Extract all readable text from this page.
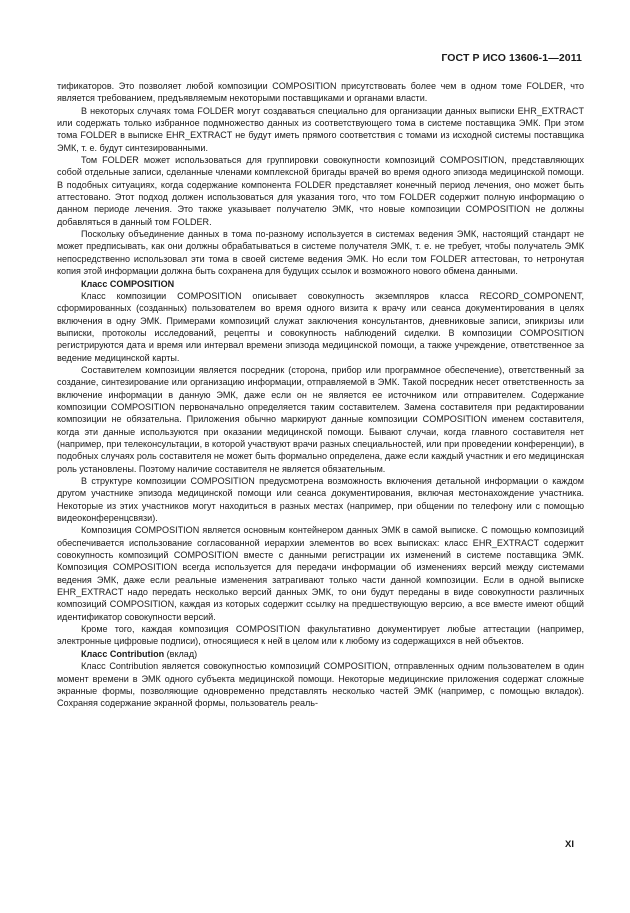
ГОСТ Р ИСО 13606-1—2011

тификаторов. Это позволяет любой композиции COMPOSITION присутствовать более чем в одном томе FOLDER, что является требованием, предъявляемым некоторыми поставщиками и органами власти.

В некоторых случаях тома FOLDER могут создаваться специально для организации данных выписки EHR_EXTRACT или содержать только избранное подмножество данных из соответствующего тома в системе поставщика ЭМК. При этом тома FOLDER в выписке EHR_EXTRACT не будут иметь прямого соответствия с томами из исходной системы поставщика ЭМК, т. е. будут синтезированными.

Том FOLDER может использоваться для группировки совокупности композиций COMPOSITION, представляющих собой отдельные записи, сделанные членами комплексной бригады врачей во время одного эпизода медицинской помощи. В подобных ситуациях, когда содержание компонента FOLDER представляет конечный период лечения, оно может быть аттестовано. Этот подход должен использоваться для указания того, что том FOLDER содержит полную информацию о данном периоде лечения. Это также указывает получателю ЭМК, что новые композиции COMPOSITION не должны добавляться в данный том FOLDER.

Поскольку объединение данных в тома по-разному используется в системах ведения ЭМК, настоящий стандарт не может предписывать, как они должны обрабатываться в системе получателя ЭМК, т. е. не требует, чтобы получатель ЭМК непосредственно использовал эти тома в своей системе ведения ЭМК. Но если том FOLDER аттестован, то нетронутая копия этой информации должна быть сохранена для будущих ссылок и возможного нового обмена данными.

Класс COMPOSITION

Класс композиции COMPOSITION описывает совокупность экземпляров класса RECORD_COMPONENT, сформированных (созданных) пользователем во время одного визита к врачу или сеанса документирования в целях включения в одну ЭМК. Примерами композиций служат заключения консультантов, дневниковые записи, эпикризы или выписки, протоколы исследований, рецепты и совокупность наблюдений сиделки. В композиции COMPOSITION регистрируются дата и время или интервал времени эпизода медицинской помощи, а также учреждение, ответственное за ведение медицинской карты.

Составителем композиции является посредник (сторона, прибор или программное обеспечение), ответственный за создание, синтезирование или организацию информации, отправляемой в ЭМК. Такой посредник несет ответственность за включение информации в данную ЭМК, даже если он не является ее источником или отправителем. Содержание композиции COMPOSITION первоначально определяется таким составителем. Замена составителя при редактировании композиции не обязательна. Приложения обычно маркируют данные композиции COMPOSITION именем составителя, когда эти данные используются при оказании медицинской помощи. Бывают случаи, когда главного составителя нет (например, при телеконсультации, в которой участвуют врачи разных специальностей, или при проведении конференции), в подобных случаях роль составителя не может быть формально определена, даже если каждый участник и его медицинская роль установлены. Поэтому наличие составителя не является обязательным.

В структуре композиции COMPOSITION предусмотрена возможность включения детальной информации о каждом другом участнике эпизода медицинской помощи или сеанса документирования, включая местонахождение участника. Некоторые из этих участников могут находиться в разных местах (например, при общении по телефону или с помощью видеоконференцсвязи).

Композиция COMPOSITION является основным контейнером данных ЭМК в самой выписке. С помощью композиций обеспечивается использование согласованной иерархии элементов во всех выписках: класс EHR_EXTRACT содержит совокупность композиций COMPOSITION вместе с данными регистрации их изменений в системе поставщика ЭМК. Композиция COMPOSITION всегда используется для передачи информации об изменениях версий между системами ведения ЭМК, даже если реальные изменения затрагивают только части данной композиции. Если в одной выписке EHR_EXTRACT надо передать несколько версий данных ЭМК, то они будут переданы в виде совокупности различных композиций COMPOSITION, каждая из которых содержит ссылку на предшествующую версию, а все вместе имеют общий идентификатор совокупности версий.

Кроме того, каждая композиция COMPOSITION факультативно документирует любые аттестации (например, электронные цифровые подписи), относящиеся к ней в целом или к любому из содержащихся в ней объектов.

Класс Contribution (вклад)

Класс Contribution является совокупностью композиций COMPOSITION, отправленных одним пользователем в один момент времени в ЭМК одного субъекта медицинской помощи. Некоторые медицинские приложения содержат сложные экранные формы, позволяющие одновременно представлять несколько частей ЭМК (например, с помощью вкладок). Сохраняя содержание экранной формы, пользователь реаль-

XI
